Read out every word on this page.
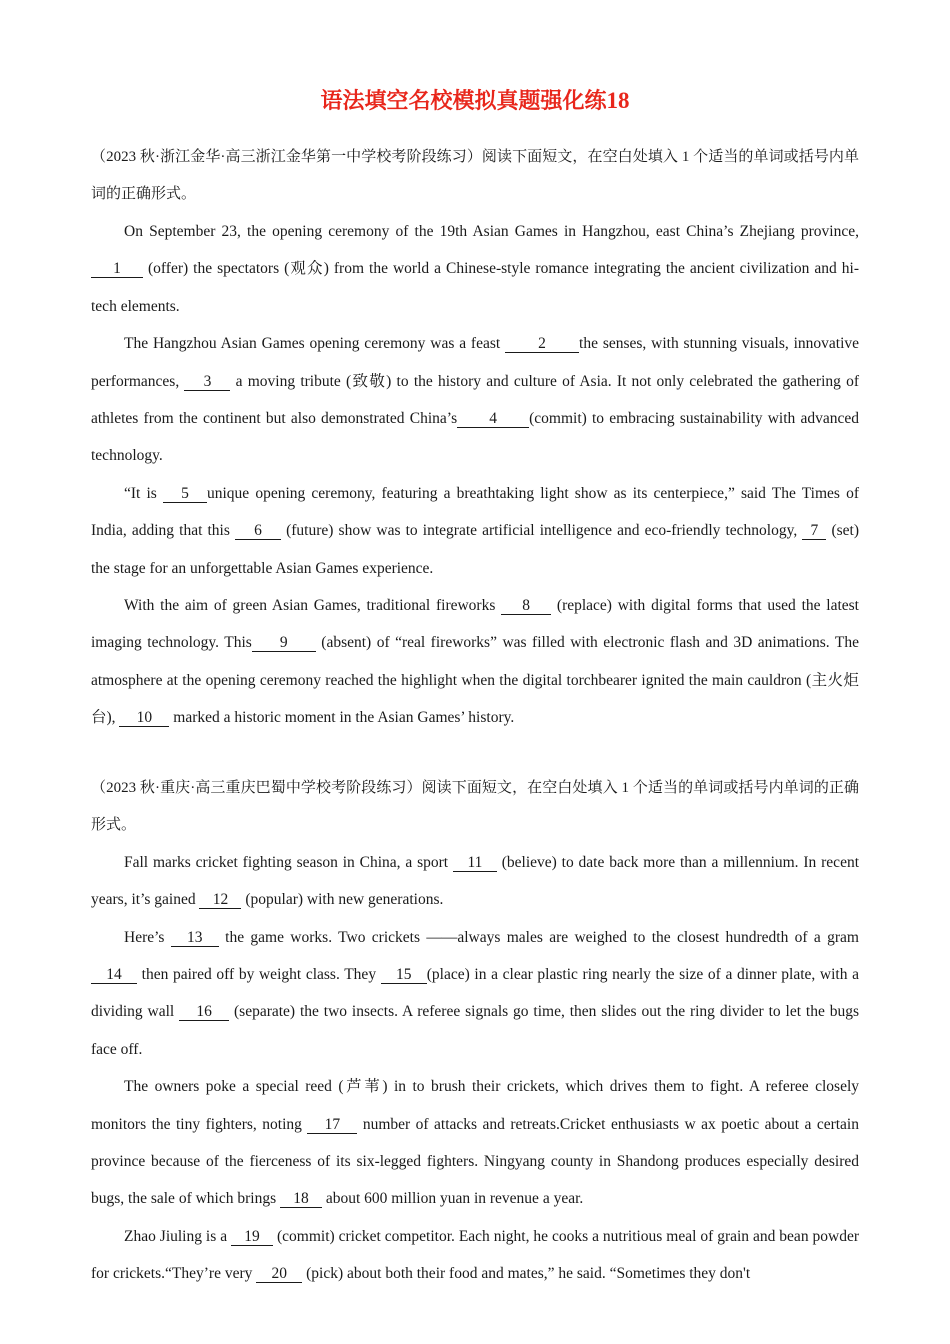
语法填空名校模拟真题强化练18

（2023 秋·浙江金华·高三浙江金华第一中学校考阶段练习）阅读下面短文，在空白处填入 1 个适当的单词或括号内单词的正确形式。

On September 23, the opening ceremony of the 19th Asian Games in Hangzhou, east China’s Zhejiang province, 1 (offer) the spectators (观众) from the world a Chinese-style romance integrating the ancient civilization and hi-tech elements.

The Hangzhou Asian Games opening ceremony was a feast 2 the senses, with stunning visuals, innovative performances, 3 a moving tribute (致敬) to the history and culture of Asia. It not only celebrated the gathering of athletes from the continent but also demonstrated China’s 4 (commit) to embracing sustainability with advanced technology.

“It is 5 unique opening ceremony, featuring a breathtaking light show as its centerpiece,” said The Times of India, adding that this 6 (future) show was to integrate artificial intelligence and eco-friendly technology, 7 (set) the stage for an unforgettable Asian Games experience.

With the aim of green Asian Games, traditional fireworks 8 (replace) with digital forms that used the latest imaging technology. This 9 (absent) of “real fireworks” was filled with electronic flash and 3D animations. The atmosphere at the opening ceremony reached the highlight when the digital torchbearer ignited the main cauldron (主火炬台), 10 marked a historic moment in the Asian Games’ history.

（2023 秋·重庆·高三重庆巴蜀中学校考阶段练习）阅读下面短文，在空白处填入 1 个适当的单词或括号内单词的正确形式。

Fall marks cricket fighting season in China, a sport 11 (believe) to date back more than a millennium. In recent years, it’s gained 12 (popular) with new generations.

Here’s 13 the game works. Two crickets ——always males are weighed to the closest hundredth of a gram 14 then paired off by weight class. They 15 (place) in a clear plastic ring nearly the size of a dinner plate, with a dividing wall 16 (separate) the two insects. A referee signals go time, then slides out the ring divider to let the bugs face off.

The owners poke a special reed (芦苇) in to brush their crickets, which drives them to fight. A referee closely monitors the tiny fighters, noting 17 number of attacks and retreats.Cricket enthusiasts w ax poetic about a certain province because of the fierceness of its six-legged fighters. Ningyang county in Shandong produces especially desired bugs, the sale of which brings 18 about 600 million yuan in revenue a year.

Zhao Jiuling is a 19 (commit) cricket competitor. Each night, he cooks a nutritious meal of grain and bean powder for crickets.“They’re very 20 (pick) about both their food and mates,” he said. “Sometimes they don't
